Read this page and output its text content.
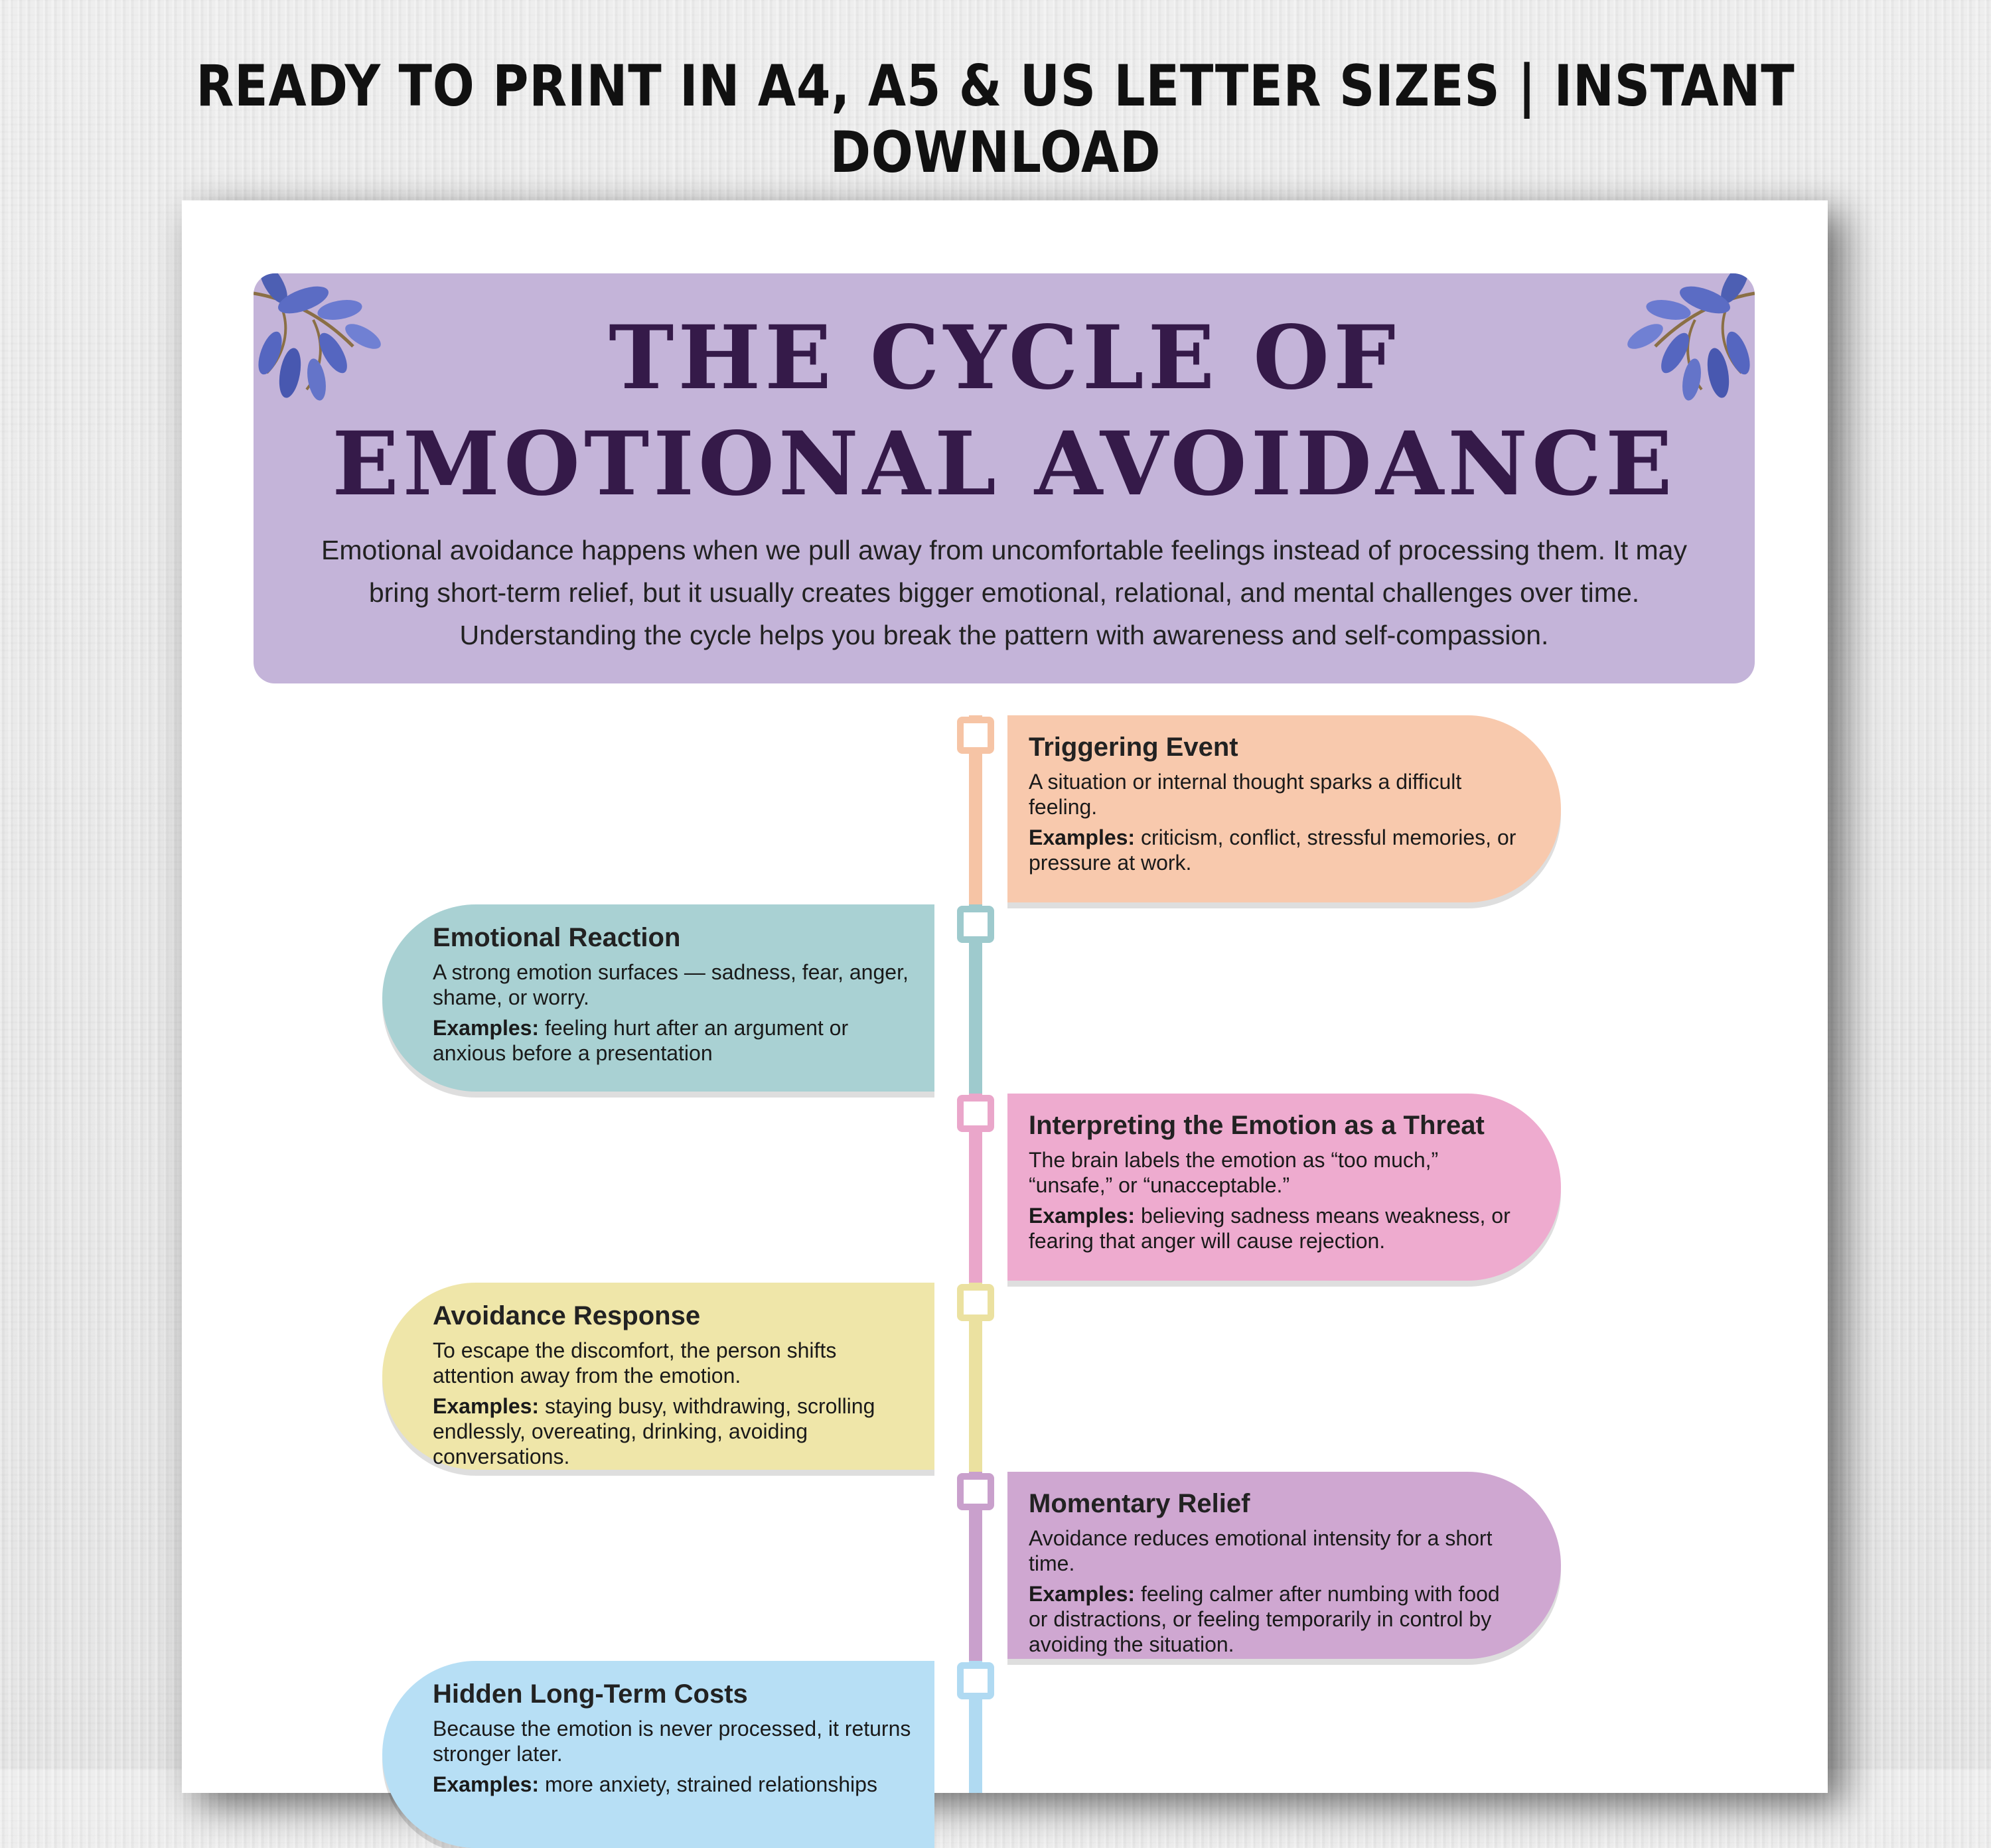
READY TO PRINT IN A4, A5 & US LETTER SIZES | INSTANT DOWNLOAD
THE CYCLE OF
EMOTIONAL AVOIDANCE
Emotional avoidance happens when we pull away from uncomfortable feelings instead of processing them. It may bring short-term relief, but it usually creates bigger emotional, relational, and mental challenges over time. Understanding the cycle helps you break the pattern with awareness and self-compassion.
Triggering Event

A situation or internal thought sparks a difficult feeling.

Examples: criticism, conflict, stressful memories, or pressure at work.

Emotional Reaction

A strong emotion surfaces — sadness, fear, anger, shame, or worry.

Examples: feeling hurt after an argument or anxious before a presentation

Interpreting the Emotion as a Threat

The brain labels the emotion as “too much,” “unsafe,” or “unacceptable.”

Examples: believing sadness means weakness, or fearing that anger will cause rejection.

Avoidance Response

To escape the discomfort, the person shifts attention away from the emotion.

Examples: staying busy, withdrawing, scrolling endlessly, overeating, drinking, avoiding conversations.

Momentary Relief

Avoidance reduces emotional intensity for a short time.

Examples: feeling calmer after numbing with food or distractions, or feeling temporarily in control by avoiding the situation.

Hidden Long-Term Costs

Because the emotion is never processed, it returns stronger later.

Examples: more anxiety, strained relationships
